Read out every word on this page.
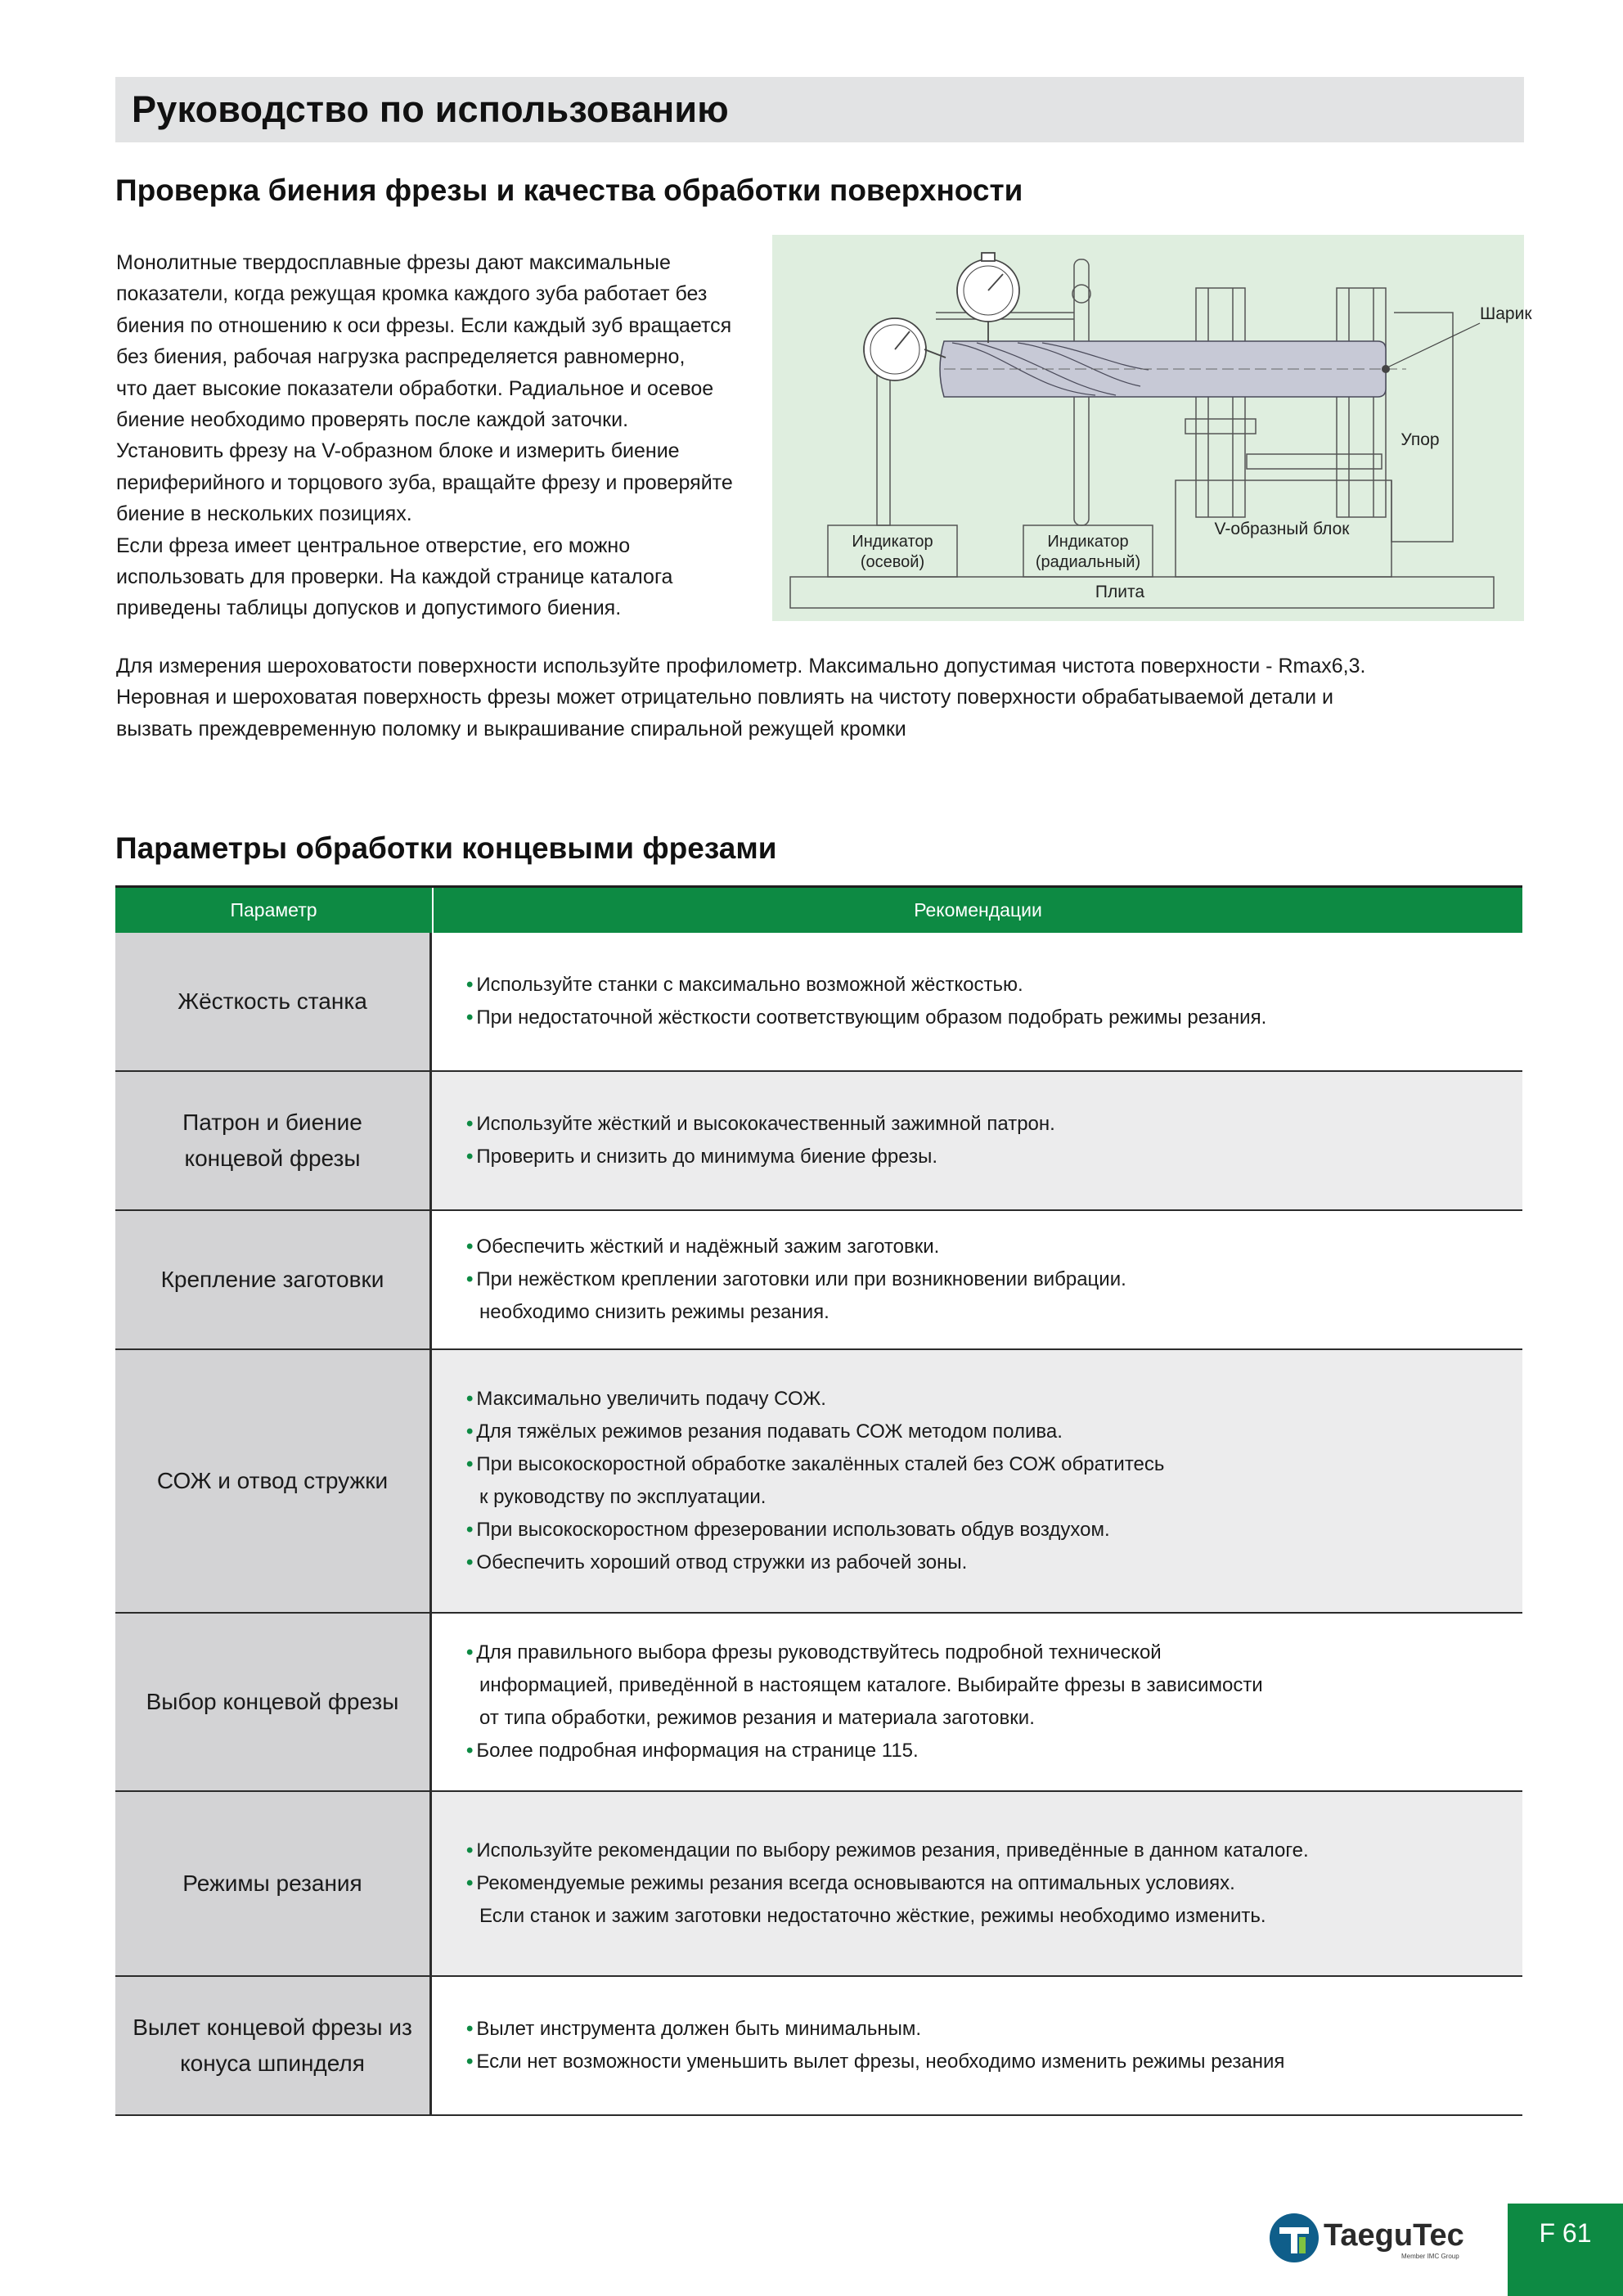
Руководство по использованию
Проверка биения фрезы и качества обработки поверхности

Монолитные твердосплавные фрезы дают максимальные

показатели, когда режущая кромка каждого зуба работает без

биения по отношению к оси фрезы. Если каждый зуб вращается

без биения, рабочая нагрузка распределяется равномерно,

что дает высокие показатели обработки. Радиальное и осевое

биение необходимо проверять после каждой заточки.

Установить фрезу на V-образном блоке и измерить биение

периферийного и торцового зуба, вращайте фрезу и проверяйте

биение в нескольких позициях.

Если фреза имеет центральное отверстие, его можно

использовать для проверки. На каждой странице каталога

приведены таблицы допусков и допустимого биения.

Плита
Индикатор
(осевой)
Индикатор
(радиальный)
V-образный блок
Упор
Шарик

Для измерения шероховатости поверхности используйте профилометр. Максимально допустимая чистота поверхности - Rmax6,3.

Неровная и шероховатая поверхность фрезы может отрицательно повлиять на чистоту поверхности обрабатываемой детали и

вызвать преждевременную поломку и выкрашивание спиральной режущей кромки

Параметры обработки концевыми фрезами
Параметр	Рекомендации
Жёсткость станка
• Используйте станки с максимально возможной жёсткостью.
• При недостаточной жёсткости соответствующим образом подобрать режимы резания.
Патрон и биение
концевой фрезы
• Используйте жёсткий и высококачественный зажимной патрон.
• Проверить и снизить до минимума биение фрезы.
Крепление заготовки
• Обеспечить жёсткий и надёжный зажим заготовки.
• При нежёстком креплении заготовки или при возникновении вибрации.
необходимо снизить режимы резания.
СОЖ и отвод стружки
• Максимально увеличить подачу СОЖ.
• Для тяжёлых режимов резания подавать СОЖ методом полива.
• При высокоскоростной обработке закалённых сталей без СОЖ обратитесь
к руководству по эксплуатации.
• При высокоскоростном фрезеровании использовать обдув воздухом.
• Обеспечить хороший отвод стружки из рабочей зоны.
Выбор концевой фрезы
• Для правильного выбора фрезы руководствуйтесь подробной технической
информацией, приведённой в настоящем каталоге. Выбирайте фрезы в зависимости
от типа обработки, режимов резания и материала заготовки.
• Более подробная информация на странице 115.
Режимы резания
• Используйте рекомендации по выбору режимов резания, приведённые в данном каталоге.
• Рекомендуемые режимы резания всегда основываются на оптимальных условиях.
Если станок и зажим заготовки недостаточно жёсткие, режимы необходимо изменить.
Вылет концевой фрезы из
конуса шпинделя
• Вылет инструмента должен быть минимальным.
• Если нет возможности уменьшить вылет фрезы, необходимо изменить режимы резания
TaeguTec
Member IMC Group
F 61
